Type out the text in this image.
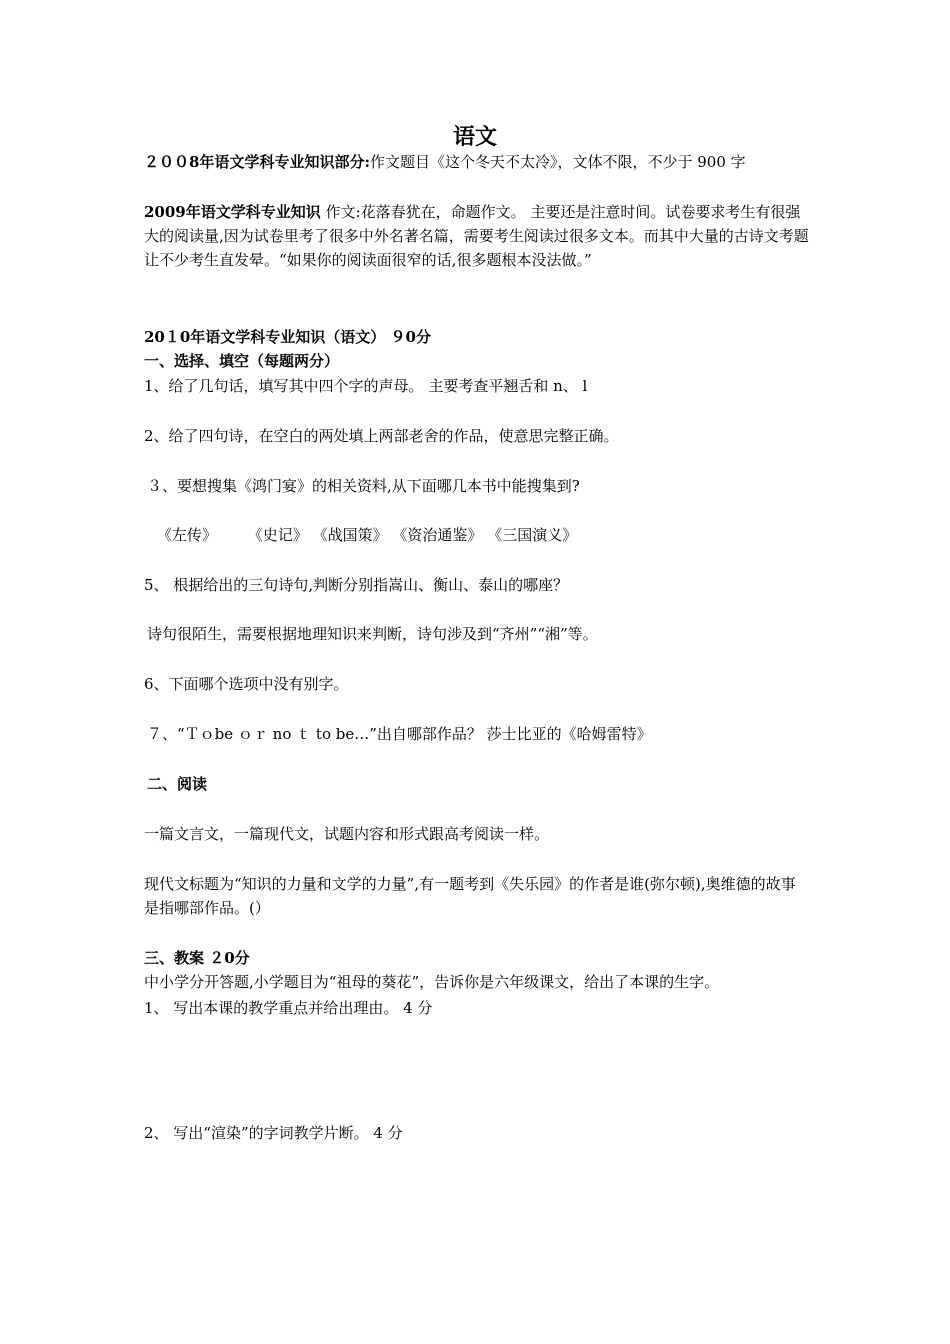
语文
２００8年语文学科专业知识部分:作文题目《这个冬天不太冷》，文体不限，不少于 900 字
2009年语文学科专业知识 作文:花落春犹在，命题作文。 主要还是注意时间。试卷要求考生有很强大的阅读量,因为试卷里考了很多中外名著名篇，需要考生阅读过很多文本。而其中大量的古诗文考题让不少考生直发晕。“如果你的阅读面很窄的话,很多题根本没法做。”
20１0年语文学科专业知识（语文） ９0分
一、选择、填空（每题两分）
1、给了几句话，填写其中四个字的声母。 主要考查平翘舌和 n、 l
2、给了四句诗，在空白的两处填上两部老舍的作品，使意思完整正确。
３、要想搜集《鸿门宴》的相关资料,从下面哪几本书中能搜集到?
《左传》 《史记》 《战国策》 《资治通鉴》 《三国演义》
5、 根据给出的三句诗句,判断分别指嵩山、衡山、泰山的哪座？
诗句很陌生，需要根据地理知识来判断，诗句涉及到“齐州”“湘”等。
6、下面哪个选项中没有别字。
７、“Ｔｏbe ｏｒ no ｔ to be…”出自哪部作品？ 莎士比亚的《哈姆雷特》
二、阅读
一篇文言文，一篇现代文，试题内容和形式跟高考阅读一样。
现代文标题为“知识的力量和文学的力量”,有一题考到《失乐园》的作者是谁(弥尔顿),奥维德的故事是指哪部作品。(）
三、教案 ２0分
中小学分开答题,小学题目为“祖母的葵花”，告诉你是六年级课文，给出了本课的生字。
1、 写出本课的教学重点并给出理由。 4 分
2、 写出“渲染”的字词教学片断。 4 分
